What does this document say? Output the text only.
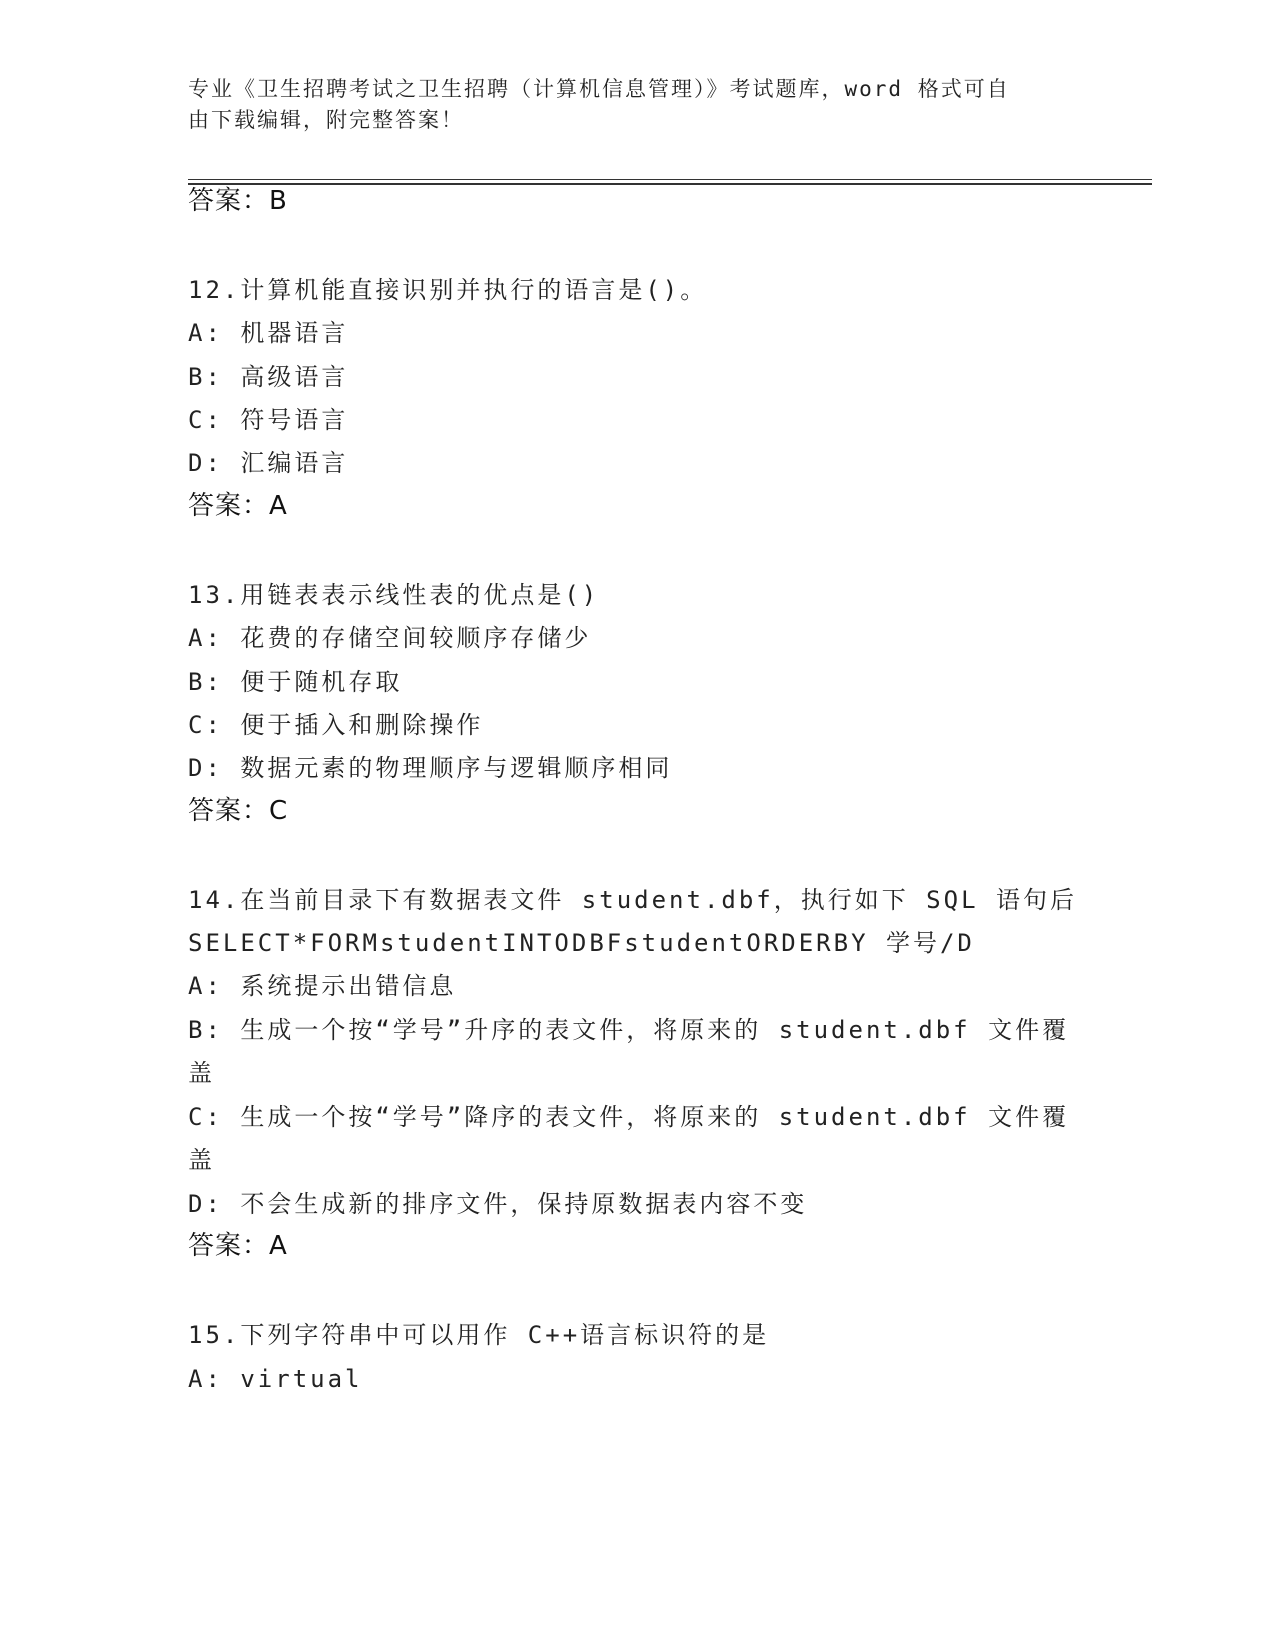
专业《卫生招聘考试之卫生招聘（计算机信息管理）》考试题库，word 格式可自
由下载编辑，附完整答案！
答案：B
12.计算机能直接识别并执行的语言是()。
A: 机器语言
B: 高级语言
C: 符号语言
D: 汇编语言
答案：A
13.用链表表示线性表的优点是()
A: 花费的存储空间较顺序存储少
B: 便于随机存取
C: 便于插入和删除操作
D: 数据元素的物理顺序与逻辑顺序相同
答案：C
14.在当前目录下有数据表文件 student.dbf，执行如下 SQL 语句后
SELECT*FORMstudentINTODBFstudentORDERBY 学号/D
A: 系统提示出错信息
B: 生成一个按“学号”升序的表文件，将原来的 student.dbf 文件覆
盖
C: 生成一个按“学号”降序的表文件，将原来的 student.dbf 文件覆
盖
D: 不会生成新的排序文件，保持原数据表内容不变
答案：A
15.下列字符串中可以用作 C++语言标识符的是
A: virtual
